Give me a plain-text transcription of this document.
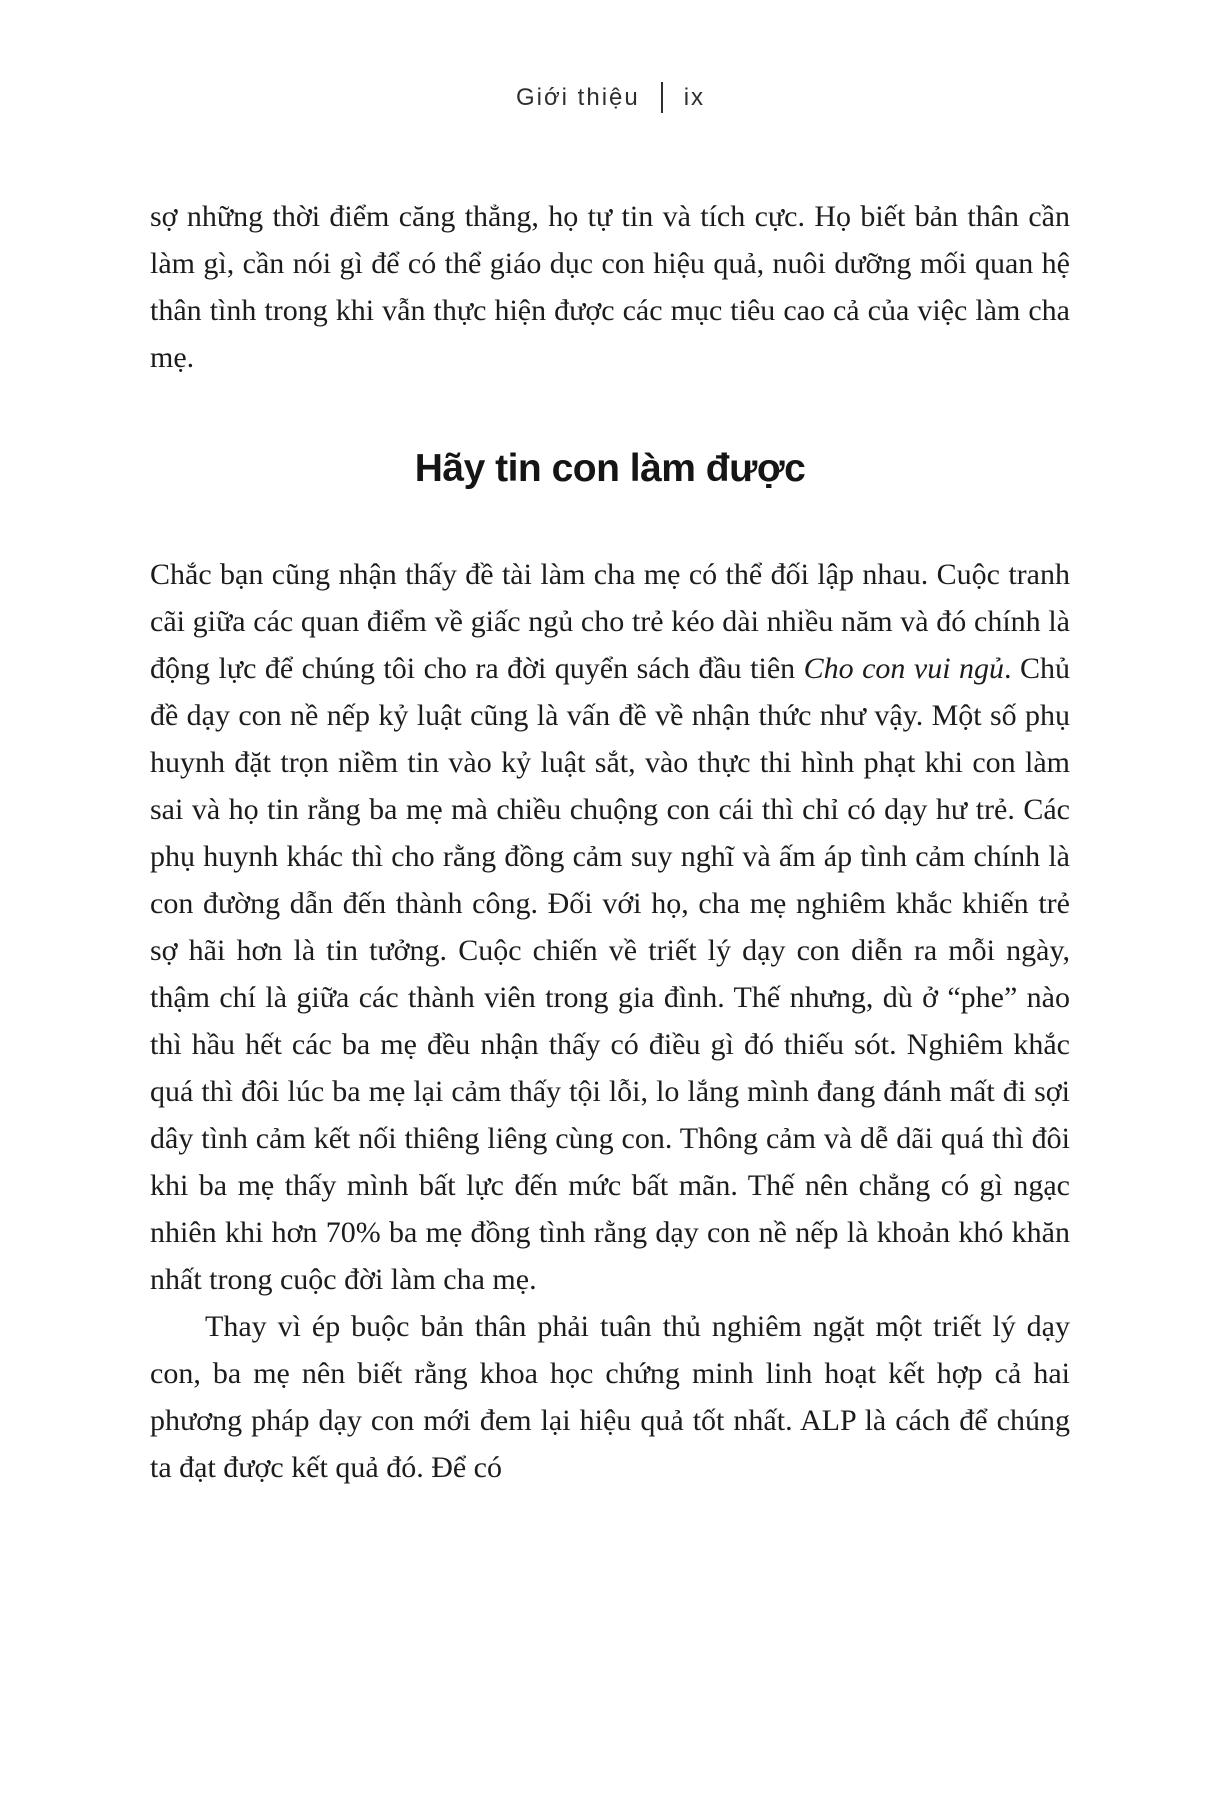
Giới thiệu ix

sợ những thời điểm căng thẳng, họ tự tin và tích cực. Họ biết bản thân cần làm gì, cần nói gì để có thể giáo dục con hiệu quả, nuôi dưỡng mối quan hệ thân tình trong khi vẫn thực hiện được các mục tiêu cao cả của việc làm cha mẹ.

Hãy tin con làm được

Chắc bạn cũng nhận thấy đề tài làm cha mẹ có thể đối lập nhau. Cuộc tranh cãi giữa các quan điểm về giấc ngủ cho trẻ kéo dài nhiều năm và đó chính là động lực để chúng tôi cho ra đời quyển sách đầu tiên Cho con vui ngủ. Chủ đề dạy con nề nếp kỷ luật cũng là vấn đề về nhận thức như vậy. Một số phụ huynh đặt trọn niềm tin vào kỷ luật sắt, vào thực thi hình phạt khi con làm sai và họ tin rằng ba mẹ mà chiều chuộng con cái thì chỉ có dạy hư trẻ. Các phụ huynh khác thì cho rằng đồng cảm suy nghĩ và ấm áp tình cảm chính là con đường dẫn đến thành công. Đối với họ, cha mẹ nghiêm khắc khiến trẻ sợ hãi hơn là tin tưởng. Cuộc chiến về triết lý dạy con diễn ra mỗi ngày, thậm chí là giữa các thành viên trong gia đình. Thế nhưng, dù ở “phe” nào thì hầu hết các ba mẹ đều nhận thấy có điều gì đó thiếu sót. Nghiêm khắc quá thì đôi lúc ba mẹ lại cảm thấy tội lỗi, lo lắng mình đang đánh mất đi sợi dây tình cảm kết nối thiêng liêng cùng con. Thông cảm và dễ dãi quá thì đôi khi ba mẹ thấy mình bất lực đến mức bất mãn. Thế nên chẳng có gì ngạc nhiên khi hơn 70% ba mẹ đồng tình rằng dạy con nề nếp là khoản khó khăn nhất trong cuộc đời làm cha mẹ.

Thay vì ép buộc bản thân phải tuân thủ nghiêm ngặt một triết lý dạy con, ba mẹ nên biết rằng khoa học chứng minh linh hoạt kết hợp cả hai phương pháp dạy con mới đem lại hiệu quả tốt nhất. ALP là cách để chúng ta đạt được kết quả đó. Để có
